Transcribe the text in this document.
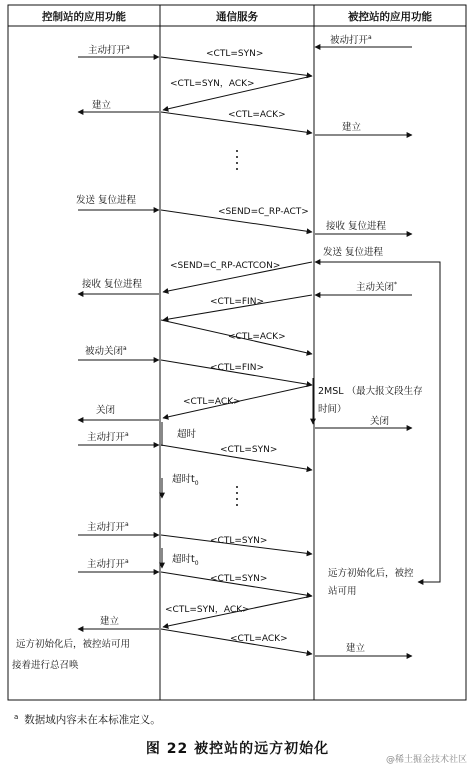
控制站的应用功能	通信服务	被控站的应用功能
主动打开$^a$
建立
发送 复位进程
接收 复位进程
被动关闭$^a$
关闭
主动打开$^a$
主动打开$^a$
主动打开$^a$
建立
远方初始化后，被控站可用
接着进行总召唤
超时
超时$t_0$
超时$t_0$
被动打开$^a$
建立
接收 复位进程
发送 复位进程
主动关闭*
2MSL （最大报文段生存
时间）
关闭
远方初始化后，被控
站可用
建立
<CTL=SYN>
<CTL=SYN，ACK>
<CTL=ACK>
<SEND=C_RP-ACT>
<SEND=C_RP-ACTCON>
<CTL=FIN>
<CTL=ACK>
<CTL=FIN>
<CTL=ACK>
<CTL=SYN>
<CTL=SYN>
<CTL=SYN>
<CTL=SYN，ACK>
<CTL=ACK>
$^a$ 数据域内容未在本标准定义。
图 22 被控站的远方初始化
@稀土掘金技术社区
